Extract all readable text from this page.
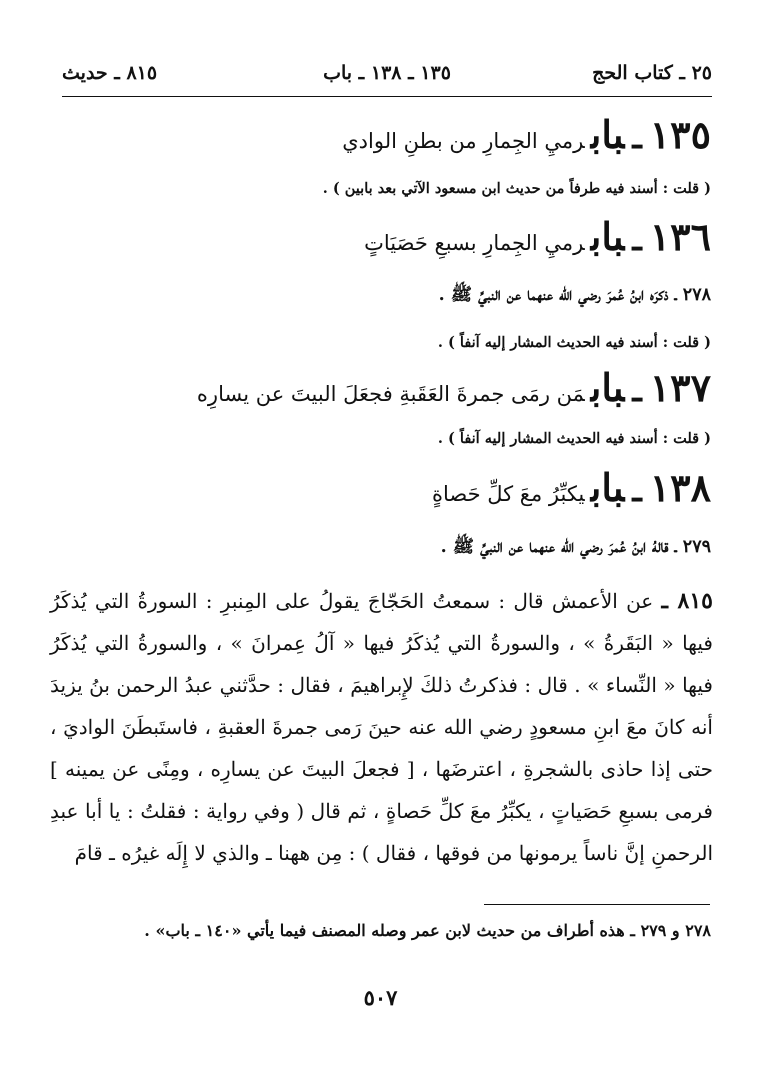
٢٥ ـ كتاب الحج
١٣٥ ـ ١٣٨ ـ باب
٨١٥ ـ حديث
١٣٥ـبابرميِ الجِمارِ من بطنِ الوادي
( قلت : أسند فيه طرفاً من حديث ابن مسعود الآتي بعد بابين ) .
١٣٦ـبابرميِ الجِمارِ بسبعِ حَصَيَاتٍ
٢٧٨ ـ ذكرَه ابنُ عُمرَ رضي الله عنهما عن النبيِّ ﷺ .
( قلت : أسند فيه الحديث المشار إليه آنفاً ) .
١٣٧ـبابمَن رمَى جمرةَ العَقَبةِ فجعَلَ البيتَ عن يسارِه
( قلت : أسند فيه الحديث المشار إليه آنفاً ) .
١٣٨ـبابيكبِّرُ معَ كلِّ حَصاةٍ
٢٧٩ ـ قالهُ ابنُ عُمرَ رضي الله عنهما عن النبيِّ ﷺ .
٨١٥ ـ عن الأعمش قال : سمعتُ الحَجّاجَ يقولُ على المِنبرِ : السورةُ التي يُذكَرُ فيها « البَقَرةُ » ، والسورةُ التي يُذكَرُ فيها « آلُ عِمرانَ » ، والسورةُ التي يُذكَرُ فيها « النِّساء » . قال : فذكرتُ ذلكَ لإِبراهيمَ ، فقال : حدَّثني عبدُ الرحمن بنُ يزيدَ أنه كانَ معَ ابنِ مسعودٍ رضي الله عنه حينَ رَمى جمرةَ العقبةِ ، فاستَبطَنَ الواديَ ، حتى إذا حاذى بالشجرةِ ، اعترضَها ، [ فجعلَ البيتَ عن يسارِه ، ومِنًى عن يمينه ] فرمى بسبعِ حَصَياتٍ ، يكبِّرُ معَ كلِّ حَصاةٍ ، ثم قال ( وفي رواية : فقلتُ : يا أبا عبدِ الرحمنِ إنَّ ناساً يرمونها من فوقها ، فقال ) : مِن ههنا ـ والذي لا إِلَه غيرُه ـ قامَ
٢٧٨ و ٢٧٩ ـ هذه أطراف من حديث لابن عمر وصله المصنف فيما يأتي «١٤٠ ـ باب» .
٥٠٧
